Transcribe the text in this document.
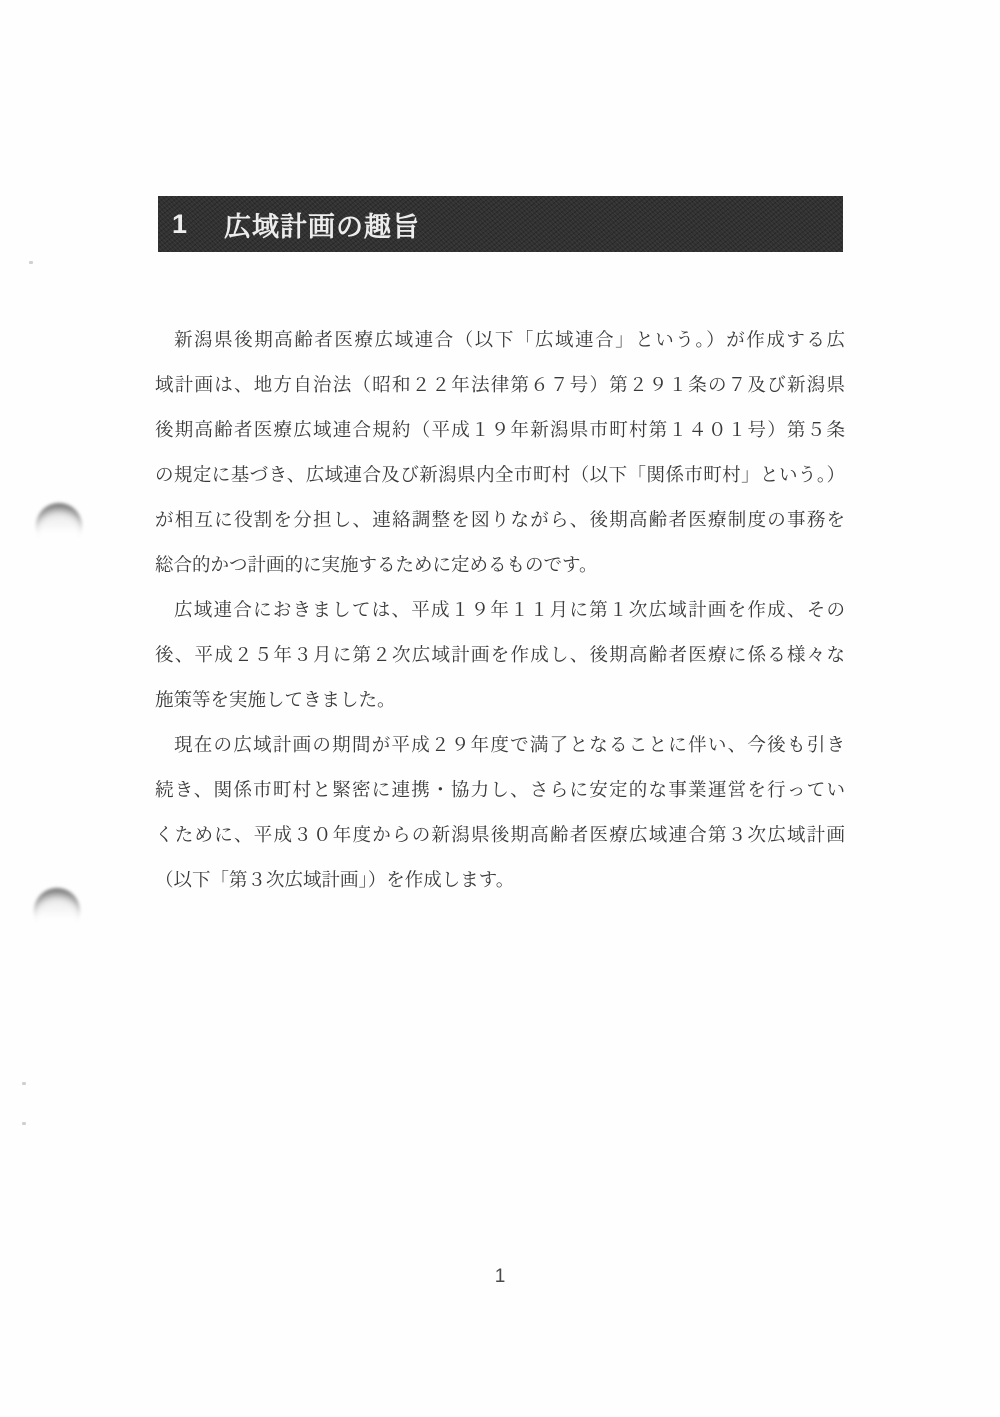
1	広域計画の趣旨
新潟県後期高齢者医療広域連合（以下「広域連合」という。）が作成する広
域計画は、地方自治法（昭和２２年法律第６７号）第２９１条の７及び新潟県
後期高齢者医療広域連合規約（平成１９年新潟県市町村第１４０１号）第５条
の規定に基づき、広域連合及び新潟県内全市町村（以下「関係市町村」という。）
が相互に役割を分担し、連絡調整を図りながら、後期高齢者医療制度の事務を
総合的かつ計画的に実施するために定めるものです。
広域連合におきましては、平成１９年１１月に第１次広域計画を作成、その
後、平成２５年３月に第２次広域計画を作成し、後期高齢者医療に係る様々な
施策等を実施してきました。
現在の広域計画の期間が平成２９年度で満了となることに伴い、今後も引き
続き、関係市町村と緊密に連携・協力し、さらに安定的な事業運営を行ってい
くために、平成３０年度からの新潟県後期高齢者医療広域連合第３次広域計画
（以下「第３次広域計画」）を作成します。
1
